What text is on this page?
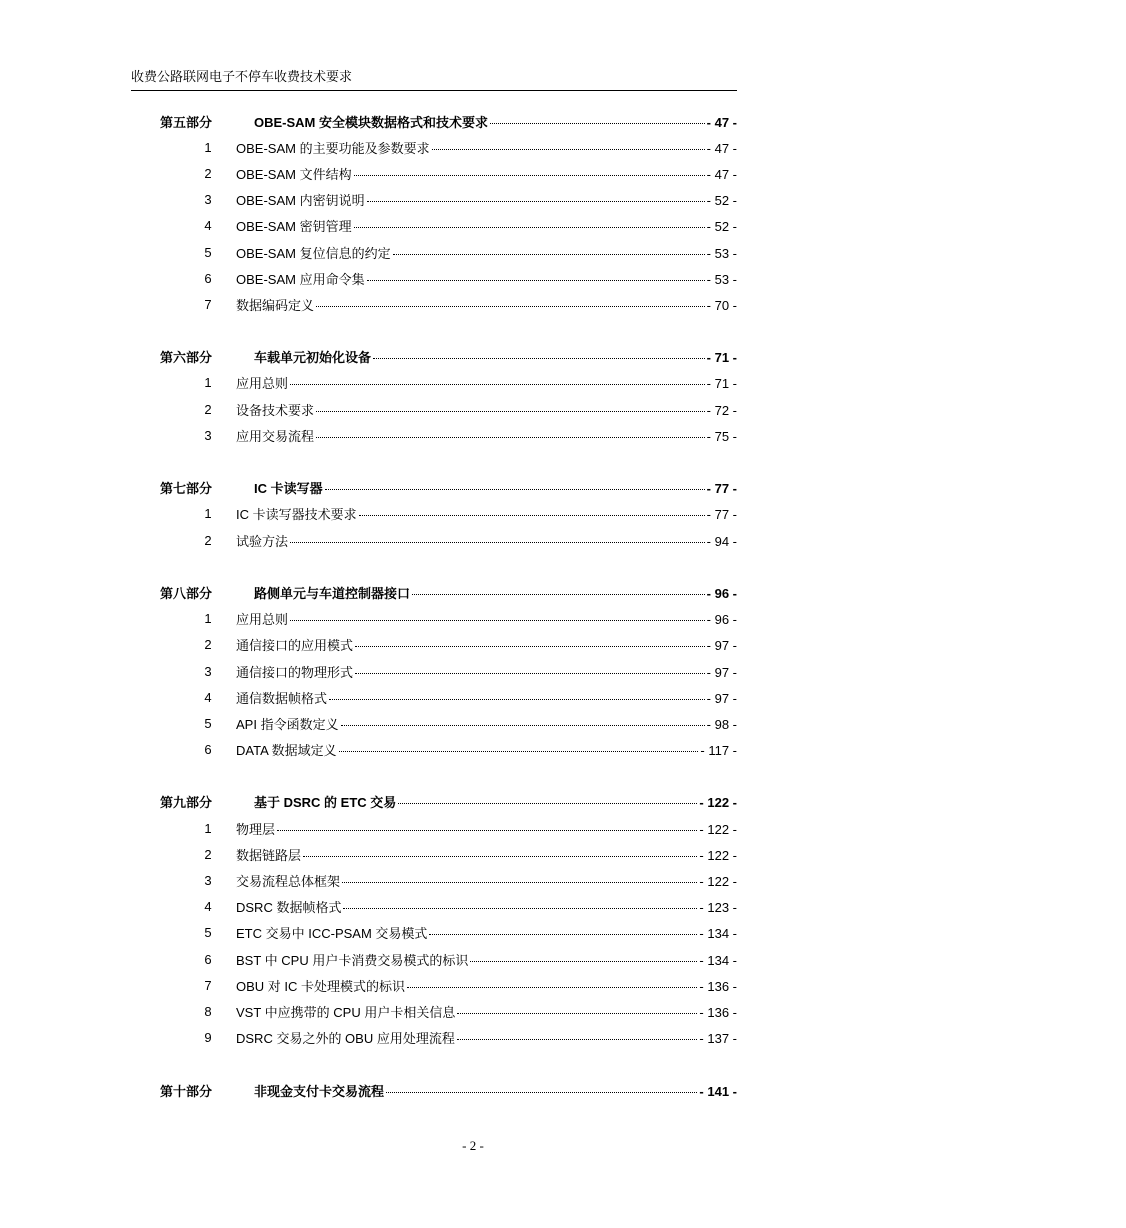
收费公路联网电子不停车收费技术要求
第五部分	OBE-SAM 安全模块数据格式和技术要求	- 47 -
1	OBE-SAM 的主要功能及参数要求	- 47 -
2	OBE-SAM 文件结构	- 47 -
3	OBE-SAM 内密钥说明	- 52 -
4	OBE-SAM 密钥管理	- 52 -
5	OBE-SAM 复位信息的约定	- 53 -
6	OBE-SAM 应用命令集	- 53 -
7	数据编码定义	- 70 -
第六部分	车载单元初始化设备	- 71 -
1	应用总则	- 71 -
2	设备技术要求	- 72 -
3	应用交易流程	- 75 -
第七部分	IC 卡读写器	- 77 -
1	IC 卡读写器技术要求	- 77 -
2	试验方法	- 94 -
第八部分	路侧单元与车道控制器接口	- 96 -
1	应用总则	- 96 -
2	通信接口的应用模式	- 97 -
3	通信接口的物理形式	- 97 -
4	通信数据帧格式	- 97 -
5	API 指令函数定义	- 98 -
6	DATA 数据域定义	- 117 -
第九部分	基于 DSRC 的 ETC 交易	- 122 -
1	物理层	- 122 -
2	数据链路层	- 122 -
3	交易流程总体框架	- 122 -
4	DSRC 数据帧格式	- 123 -
5	ETC 交易中 ICC-PSAM 交易模式	- 134 -
6	BST 中 CPU 用户卡消费交易模式的标识	- 134 -
7	OBU 对 IC 卡处理模式的标识	- 136 -
8	VST 中应携带的 CPU 用户卡相关信息	- 136 -
9	DSRC 交易之外的 OBU 应用处理流程	- 137 -
第十部分	非现金支付卡交易流程	- 141 -
- 2 -
